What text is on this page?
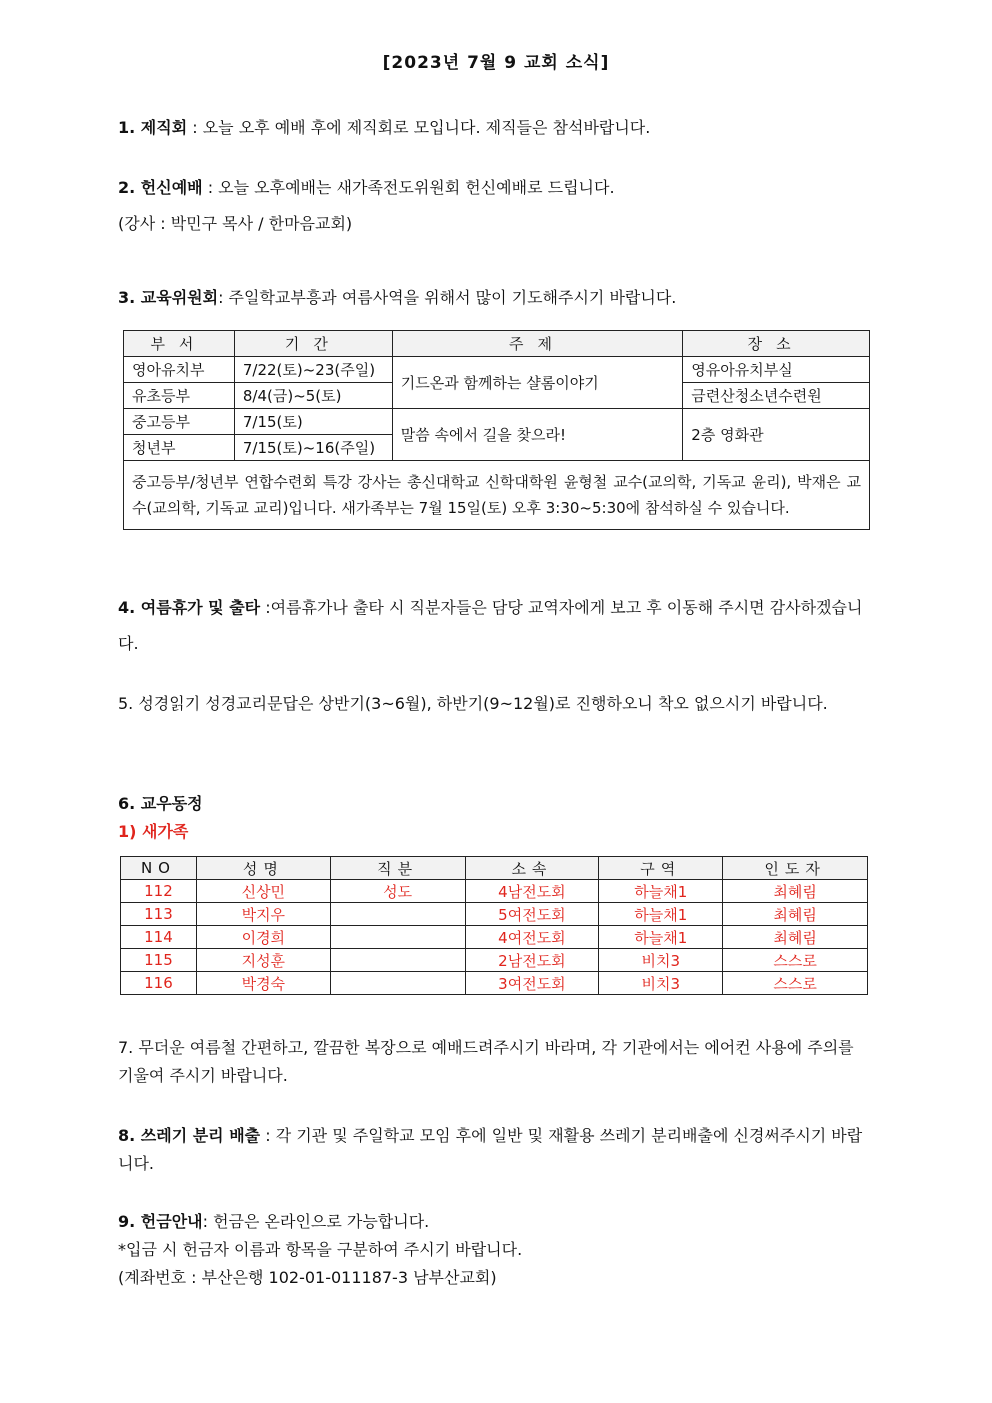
[2023년 7월 9 교회 소식]
1. 제직회 : 오늘 오후 예배 후에 제직회로 모입니다. 제직들은 참석바랍니다.
2. 헌신예배 : 오늘 오후예배는 새가족전도위원회 헌신예배로 드립니다.
(강사 : 박민구 목사 / 한마음교회)
3. 교육위원회: 주일학교부흥과 여름사역을 위해서 많이 기도해주시기 바랍니다.
부서	기간	주제	장소
영아유치부	7/22(토)~23(주일)	기드온과 함께하는 샬롬이야기	영유아유치부실
유초등부	8/4(금)~5(토)		금련산청소년수련원
중고등부	7/15(토)	말씀 속에서 길을 찾으라!	2층 영화관
청년부	7/15(토)~16(주일)		
중고등부/청년부 연합수련회 특강 강사는 총신대학교 신학대학원 윤형철 교수(교의학, 기독교 윤리), 박재은 교수(교의학, 기독교 교리)입니다. 새가족부는 7월 15일(토) 오후 3:30~5:30에 참석하실 수 있습니다.			
4. 여름휴가 및 출타 :여름휴가나 출타 시 직분자들은 담당 교역자에게 보고 후 이동해 주시면 감사하겠습니다.
5. 성경읽기 성경교리문답은 상반기(3~6월), 하반기(9~12월)로 진행하오니 착오 없으시기 바랍니다.
6. 교우동정
1) 새가족
NO	성명	직분	소속	구역	인도자
112	신상민	성도	4남전도회	하늘채1	최혜림
113	박지우		5여전도회	하늘채1	최혜림
114	이경희		4여전도회	하늘채1	최혜림
115	지성훈		2남전도회	비치3	스스로
116	박경숙		3여전도회	비치3	스스로
7. 무더운 여름철 간편하고, 깔끔한 복장으로 예배드려주시기 바라며, 각 기관에서는 에어컨 사용에 주의를 기울여 주시기 바랍니다.
8. 쓰레기 분리 배출 : 각 기관 및 주일학교 모임 후에 일반 및 재활용 쓰레기 분리배출에 신경써주시기 바랍니다.
9. 헌금안내: 헌금은 온라인으로 가능합니다.
*입금 시 헌금자 이름과 항목을 구분하여 주시기 바랍니다.
(계좌번호 : 부산은행 102-01-011187-3 남부산교회)
